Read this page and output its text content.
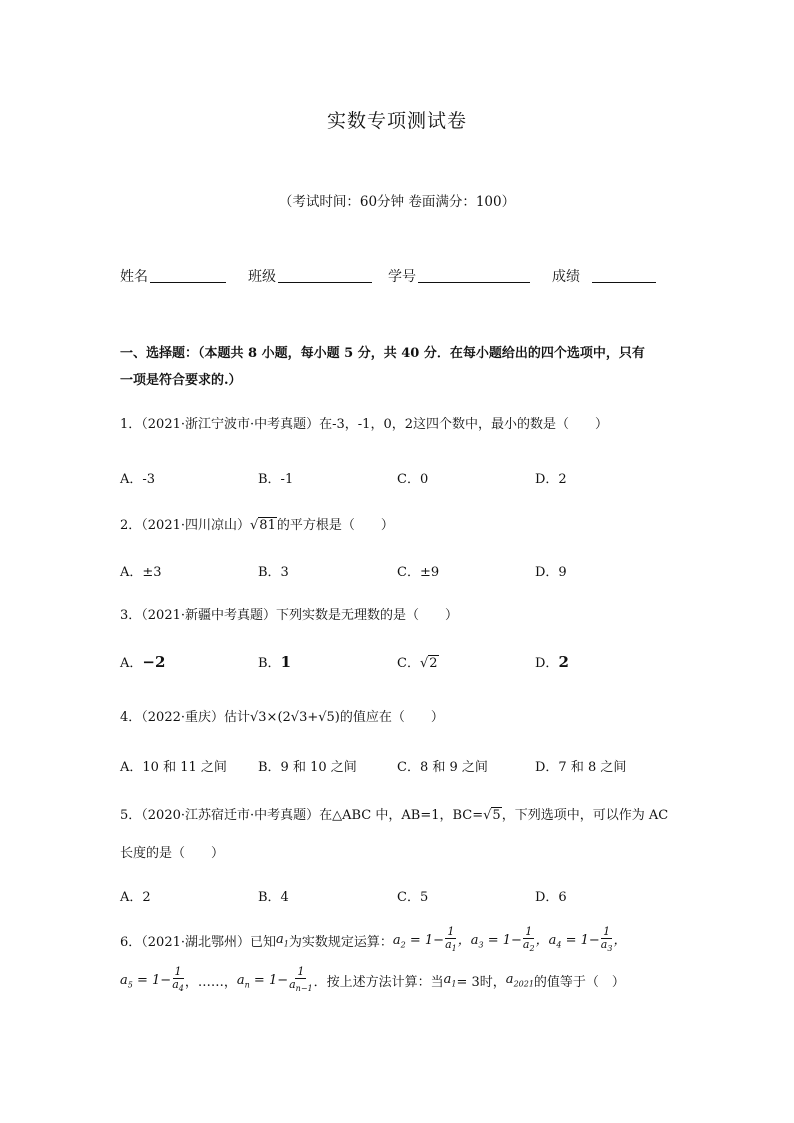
实数专项测试卷
（考试时间：60分钟 卷面满分：100）
姓名	班级	学号	成绩
一、选择题：（本题共 8 小题，每小题 5 分，共 40 分．在每小题给出的四个选项中，只有
一项是符合要求的.）
1．（2021·浙江宁波市·中考真题）在-3，-1，0，2这四个数中，最小的数是（　　）
A．-3	B．-1	C．0	D．2
2．（2021·四川凉山）√81的平方根是（　　）
A．±3	B．3	C．±9	D．9
3．（2021·新疆中考真题）下列实数是无理数的是（　　）
A．−2	B．1	C．√2	D．2
4．（2022·重庆）估计√3×(2√3+√5)的值应在（　　）
A．10 和 11 之间 B．9 和 10 之间	C．8 和 9 之间	D．7 和 8 之间
5．（2020·江苏宿迁市·中考真题）在△ABC 中，AB=1，BC=√5，下列选项中，可以作为 AC
长度的是（　　）
A．2	B．4	C．5	D．6
6．（2021·湖北鄂州）已知 $a_1$ 为实数规定运算： $a_2 = 1- \frac{1}{a_1}$ ， $a_3 = 1- \frac{1}{a_2}$ ， $a_4 = 1- \frac{1}{a_3}$ ，
$a_5 = 1- \frac{1}{a_4}$ ，……， $a_n = 1- \frac{1}{a_{n-1}}$ ．按上述方法计算：当 $a_1 = 3$时， $a_{2021}$ 的值等于（　）
